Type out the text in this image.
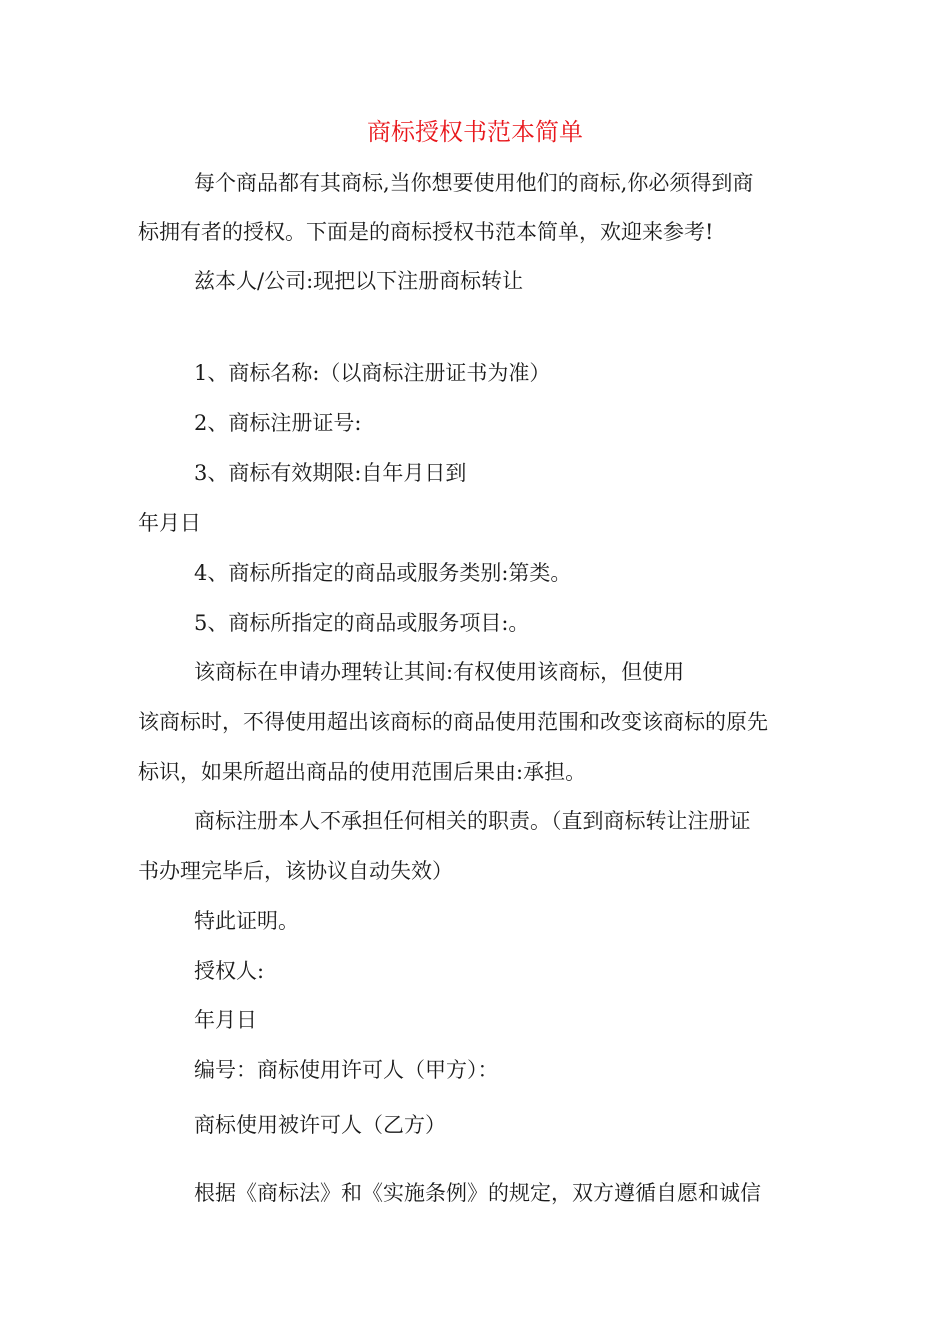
商标授权书范本简单

每个商品都有其商标,当你想要使用他们的商标,你必须得到商

标拥有者的授权。下面是的商标授权书范本简单，欢迎来参考!

兹本人/公司:现把以下注册商标转让

1、商标名称:（以商标注册证书为准）

2、商标注册证号:

3、商标有效期限:自年月日到

年月日

4、商标所指定的商品或服务类别:第类。

5、商标所指定的商品或服务项目:。

该商标在申请办理转让其间:有权使用该商标，但使用

该商标时，不得使用超出该商标的商品使用范围和改变该商标的原先

标识，如果所超出商品的使用范围后果由:承担。

商标注册本人不承担任何相关的职责。（直到商标转让注册证

书办理完毕后，该协议自动失效）

特此证明。

授权人:

年月日

编号：商标使用许可人（甲方）：

商标使用被许可人（乙方）

根据《商标法》和《实施条例》的规定，双方遵循自愿和诚信
